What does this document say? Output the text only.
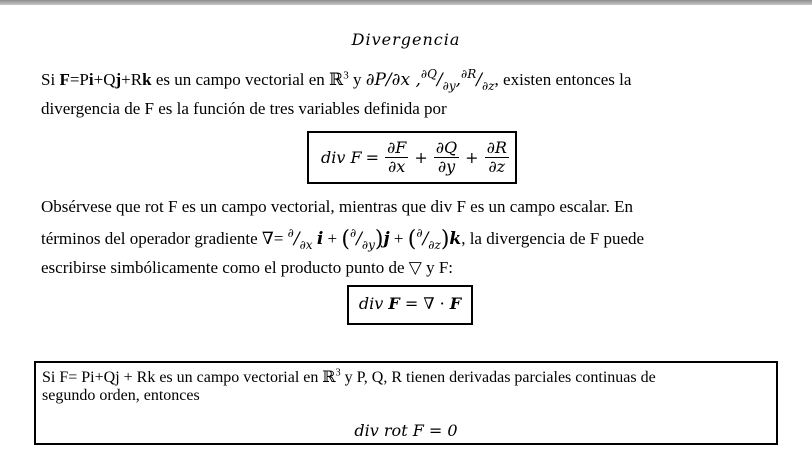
Divergencia
Si F=Pi+Qj+Rk es un campo vectorial en ℝ$^3$ y ∂P/∂x $,^{\partial Q}/_{\partial y},^{\partial R}/_{\partial z}$, existen entonces la
divergencia de F es la función de tres variables definida por
div $F = \frac{\partial F}{\partial x} + \frac{\partial Q}{\partial y} + \frac{\partial R}{\partial z}$
Obsérvese que rot F es un campo vectorial, mientras que div F es un campo escalar. En
términos del operador gradiente ∇= $^\partial/_{\partial x}$ $i + (^\partial/_{\partial y})j + (^\partial/_{\partial z})k$, la divergencia de F puede
escribirse simbólicamente como el producto punto de ▽ y F:
div F = ∇ · F
Si F= Pi+Qj + Rk es un campo vectorial en ℝ$^3$ y P, Q, R tienen derivadas parciales continuas de
segundo orden, entonces
div rot F = 0
